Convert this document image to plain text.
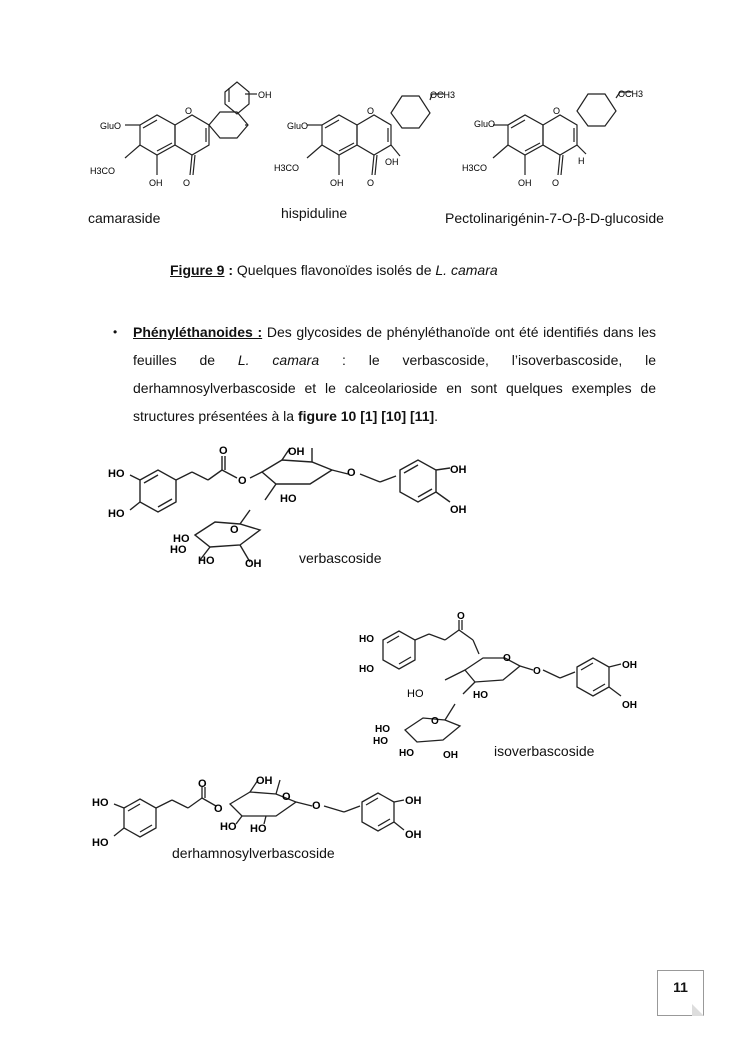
OH
O
GluO
H3CO
OH O
OCH3
O
GluO
H3CO
OH
OH	O
OCH3
O
GluO
H3CO
H
OH O
camaraside	hispiduline	Pectolinarigénin-7-O-β-D-glucoside
Figure 9 : Quelques flavonoïdes isolés de L. camara
• Phényléthanoides : Des glycosides de phényléthanoïde ont été identifiés dans les feuilles de L. camara : le verbascoside, l’isoverbascoside, le derhamnosylverbascoside et le calceolarioside en sont quelques exemples de structures présentées à la figure 10 [1] [10] [11].
HO
HO
OH
O
O
HO
O	OH
OH
O
HO
HO
HO	OH	verbascoside
HO
HO
O
O
HO	HO
O
OH
OH
O
HO
HO
HO	OH	isoverbascoside
HO
HO
OH
O
O
O
HO HO
O	OH
OH
derhamnosylverbascoside
11
